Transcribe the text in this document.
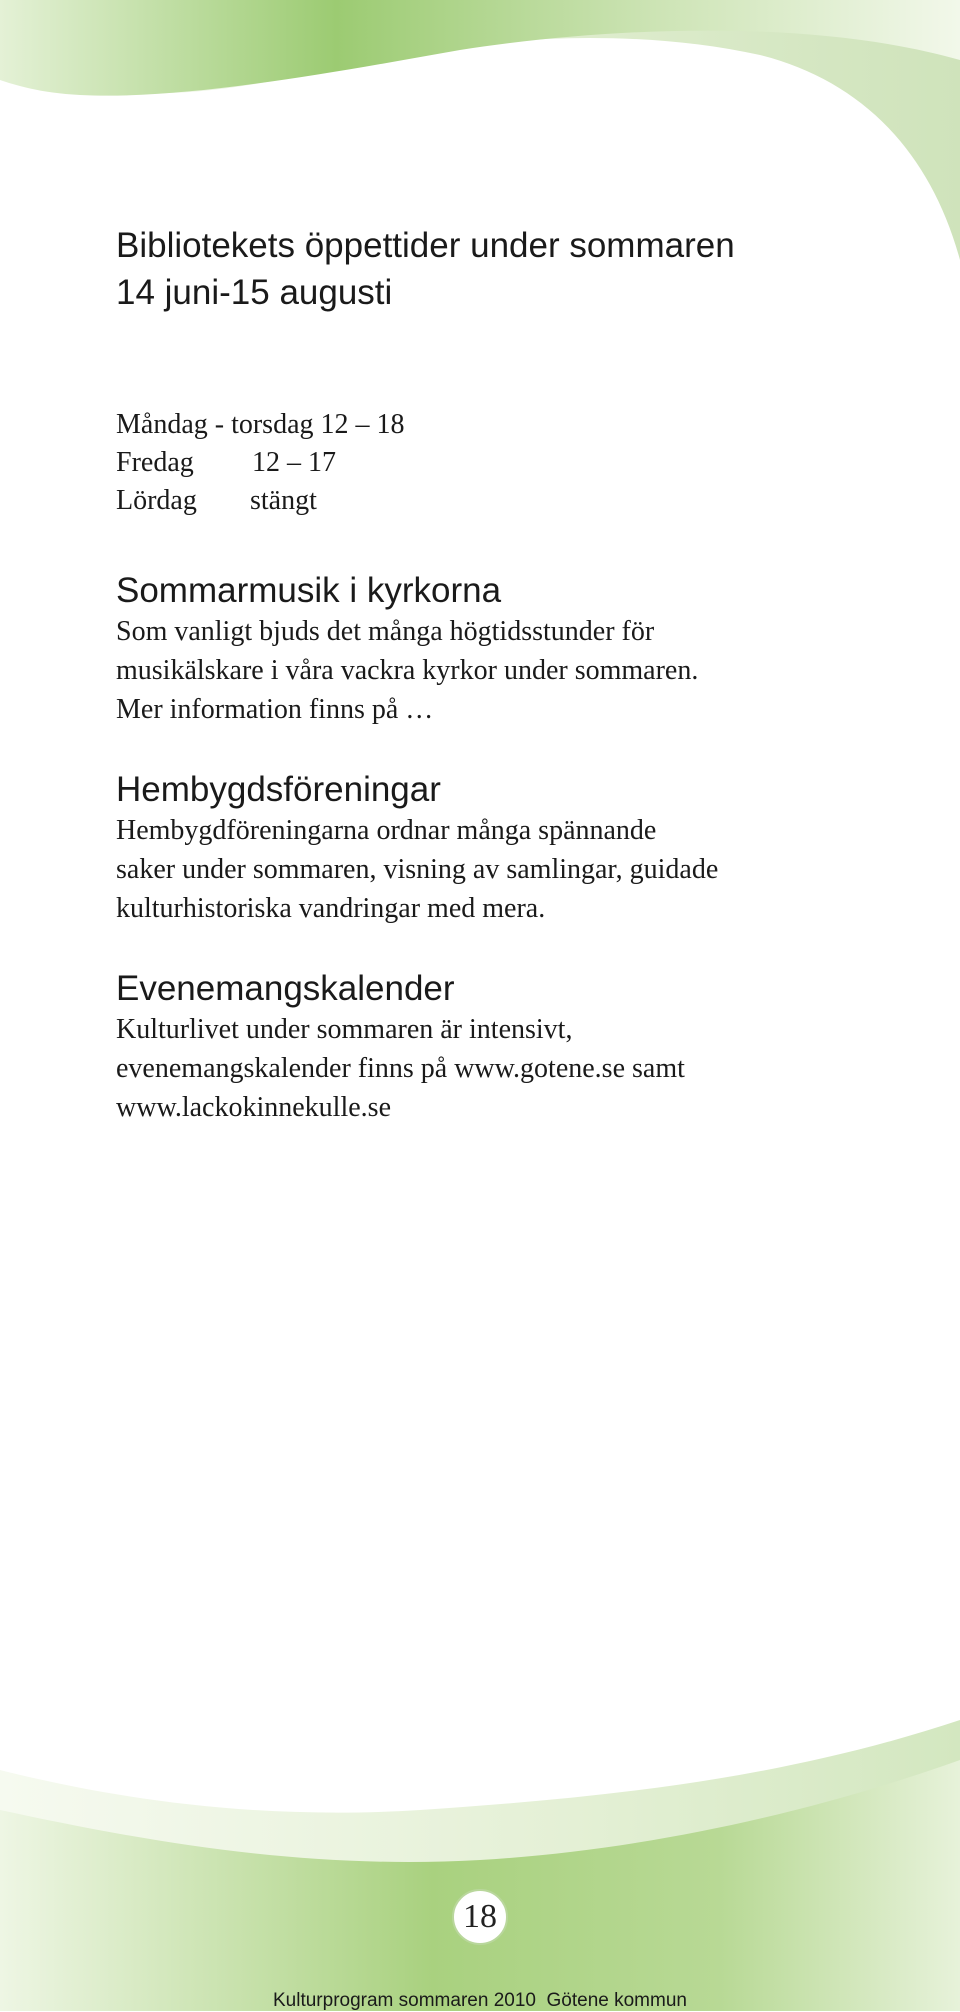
Bibliotekets öppettider under sommaren
14 juni-15 augusti
Måndag - torsdag 12 – 18
Fredag 12 – 17
Lördag stängt
Sommarmusik i kyrkorna

Som vanligt bjuds det många högtidsstunder för
musikälskare i våra vackra kyrkor under sommaren.
Mer information finns på …

Hembygdsföreningar

Hembygdföreningarna ordnar många spännande
saker under sommaren, visning av samlingar, guidade
kulturhistoriska vandringar med mera.

Evenemangskalender

Kulturlivet under sommaren är intensivt,
evenemangskalender finns på www.gotene.se samt
www.lackokinnekulle.se

18
Kulturprogram sommaren 2010  Götene kommun
